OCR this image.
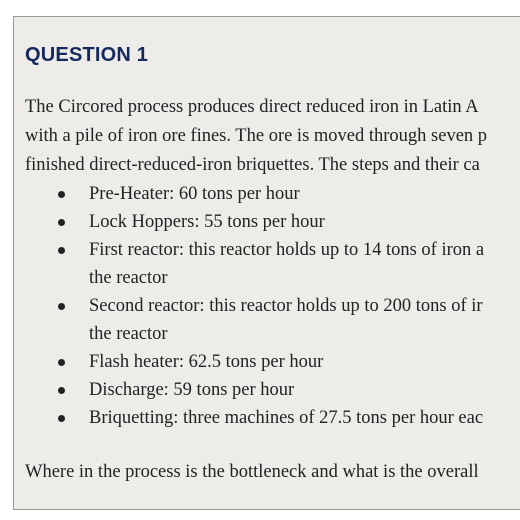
QUESTION 1

The Circored process produces direct reduced iron in Latin A
with a pile of iron ore fines. The ore is moved through seven p
finished direct-reduced-iron briquettes. The steps and their ca

Pre-Heater: 60 tons per hour
Lock Hoppers: 55 tons per hour
First reactor: this reactor holds up to 14 tons of iron a
the reactor
Second reactor: this reactor holds up to 200 tons of ir
the reactor
Flash heater: 62.5 tons per hour
Discharge: 59 tons per hour
Briquetting: three machines of 27.5 tons per hour eac

Where in the process is the bottleneck and what is the overall
